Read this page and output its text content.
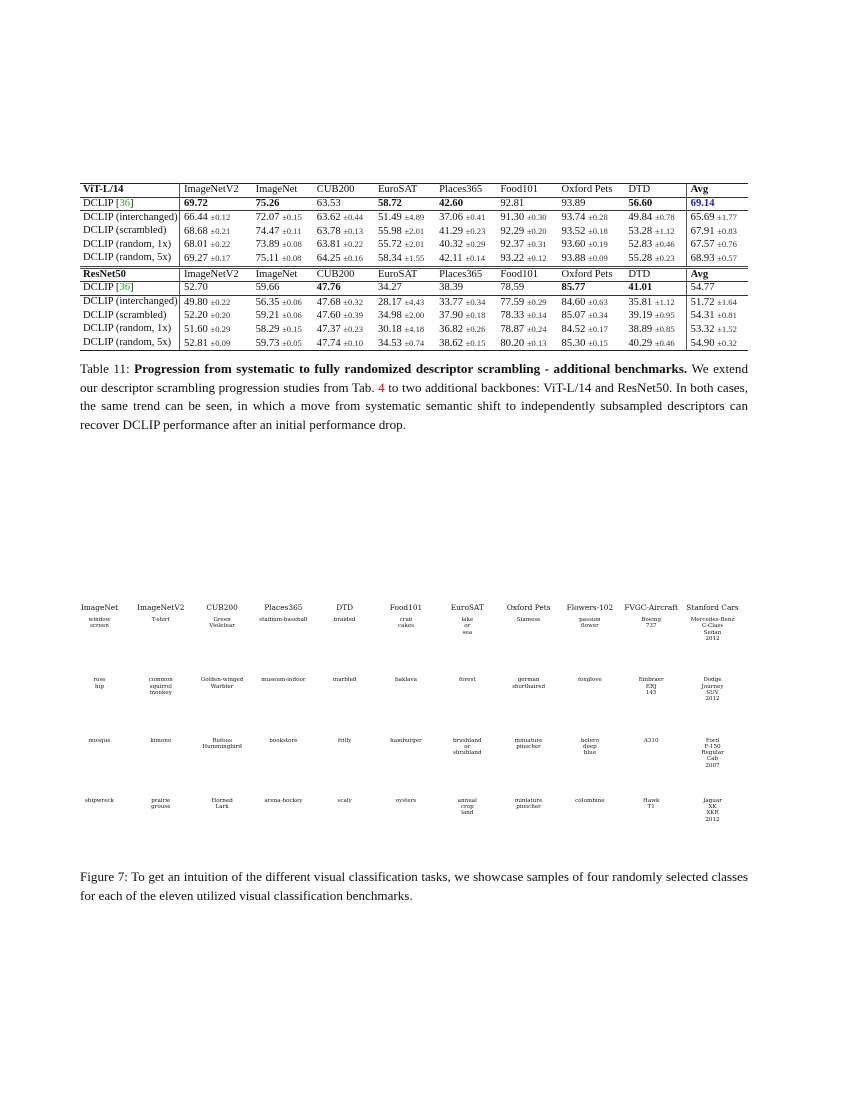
ViT-L/14	ImageNetV2	ImageNet	CUB200	EuroSAT	Places365	Food101	Oxford Pets	DTD	Avg
DCLIP [36]	69.72	75.26	63.53	58.72	42.60	92.81	93.89	56.60	69.14
DCLIP (interchanged)	66.44 ±0.12	72.07 ±0.15	63.62 ±0.44	51.49 ±4.89	37.06 ±0.41	91.30 ±0.30	93.74 ±0.28	49.84 ±0.78	65.69 ±1.77
DCLIP (scrambled)	68.68 ±0.21	74.47 ±0.11	63.78 ±0.13	55.98 ±2.01	41.29 ±0.23	92.29 ±0.20	93.52 ±0.18	53.28 ±1.12	67.91 ±0.83
DCLIP (random, 1x)	68.01 ±0.22	73.89 ±0.08	63.81 ±0.22	55.72 ±2.01	40.32 ±0.29	92.37 ±0.31	93.60 ±0.19	52.83 ±0.46	67.57 ±0.76
DCLIP (random, 5x)	69.27 ±0.17	75.11 ±0.08	64.25 ±0.16	58.34 ±1.55	42.11 ±0.14	93.22 ±0.12	93.88 ±0.09	55.28 ±0.23	68.93 ±0.57
ResNet50	ImageNetV2	ImageNet	CUB200	EuroSAT	Places365	Food101	Oxford Pets	DTD	Avg
DCLIP [36]	52.70	59.66	47.76	34.27	38.39	78.59	85.77	41.01	54.77
DCLIP (interchanged)	49.80 ±0.22	56.35 ±0.06	47.68 ±0.32	28.17 ±4.43	33.77 ±0.34	77.59 ±0.29	84.60 ±0.63	35.81 ±1.12	51.72 ±1.64
DCLIP (scrambled)	52.20 ±0.20	59.21 ±0.06	47.60 ±0.39	34.98 ±2.00	37.90 ±0.18	78.33 ±0.14	85.07 ±0.34	39.19 ±0.95	54.31 ±0.81
DCLIP (random, 1x)	51.60 ±0.29	58.29 ±0.15	47.37 ±0.23	30.18 ±4.18	36.82 ±0.26	78.87 ±0.24	84.52 ±0.17	38.89 ±0.85	53.32 ±1.52
DCLIP (random, 5x)	52.81 ±0.09	59.73 ±0.05	47.74 ±0.10	34.53 ±0.74	38.62 ±0.15	80.20 ±0.13	85.30 ±0.15	40.29 ±0.46	54.90 ±0.32
Table 11: Progression from systematic to fully randomized descriptor scrambling - additional benchmarks. We extend our descriptor scrambling progression studies from Tab. 4 to two additional backbones: ViT-L/14 and ResNet50. In both cases, the same trend can be seen, in which a move from systematic semantic shift to independently subsampled descriptors can recover DCLIP performance after an initial performance drop.
ImageNet
window
screen
rose
hip
mosque
shipwreck
ImageNetV2
T-shirt
common
squirrel
monkey
kimono
prairie
grouse
CUB200
Green
Violetear
Golden-winged
Warbler
Rufous
Hummingbird
Horned
Lark
Places365
stadium-baseball
museum-indoor
bookstore
arena-hockey
DTD
braided
marbled
frilly
scaly
Food101
crab
cakes
baklava
hamburger
oysters
EuroSAT
lake
or
sea
forest
brushland
or
shrubland
annual
crop
land
Oxford Pets
Siamese
german
shorthaired
miniature
pinscher
miniature
pinscher
Flowers-102
passion
flower
foxglove
bolero
deep
blue
columbine
FVGC-Aircraft
Boeing
737
Embraer
ERJ
145
A310
Hawk
T1
Stanford Cars
Mercedes-Benz
C-Class
Sedan
2012
Dodge
Journey
SUV
2012
Ford
F-150
Regular
Cab
2007
Jaguar
XK
XKR
2012
Figure 7: To get an intuition of the different visual classification tasks, we showcase samples of four randomly selected classes for each of the eleven utilized visual classification benchmarks.
